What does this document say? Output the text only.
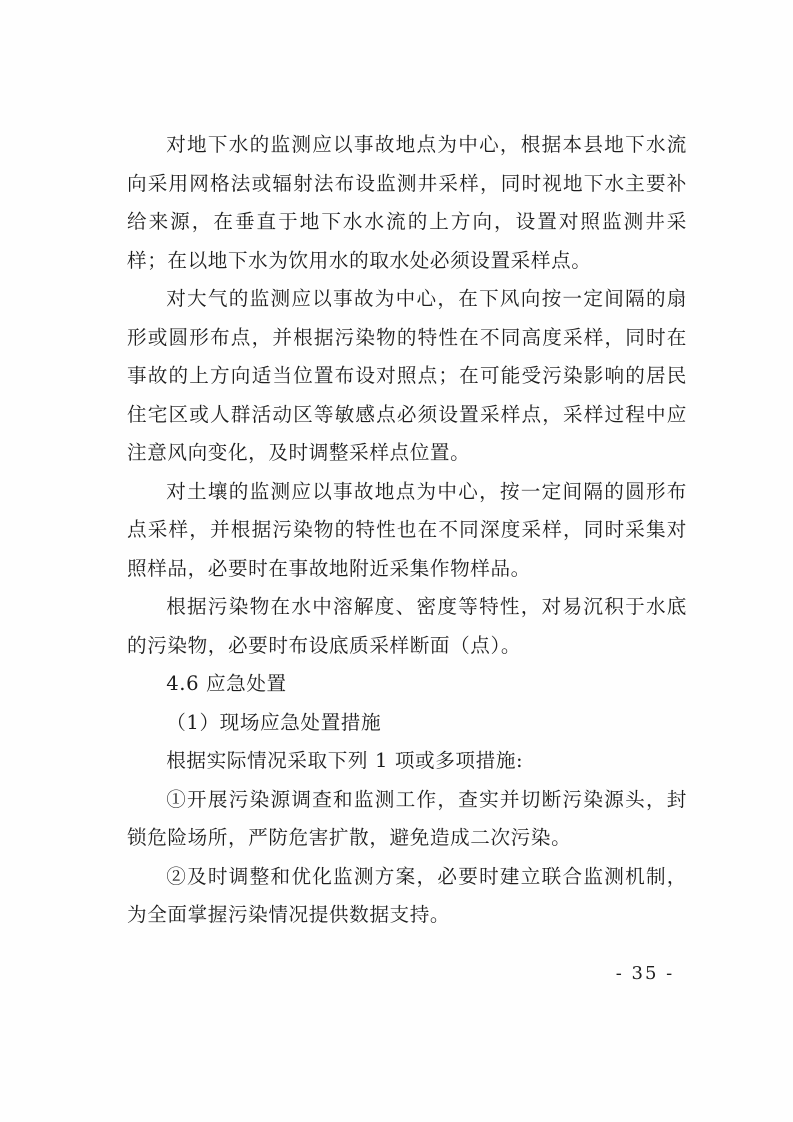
对地下水的监测应以事故地点为中心，根据本县地下水流向采用网格法或辐射法布设监测井采样，同时视地下水主要补给来源，在垂直于地下水水流的上方向，设置对照监测井采样；在以地下水为饮用水的取水处必须设置采样点。

对大气的监测应以事故为中心，在下风向按一定间隔的扇形或圆形布点，并根据污染物的特性在不同高度采样，同时在事故的上方向适当位置布设对照点；在可能受污染影响的居民住宅区或人群活动区等敏感点必须设置采样点，采样过程中应注意风向变化，及时调整采样点位置。

对土壤的监测应以事故地点为中心，按一定间隔的圆形布点采样，并根据污染物的特性也在不同深度采样，同时采集对照样品，必要时在事故地附近采集作物样品。

根据污染物在水中溶解度、密度等特性，对易沉积于水底的污染物，必要时布设底质采样断面（点）。

4.6 应急处置

（1）现场应急处置措施

根据实际情况采取下列 1 项或多项措施:

①开展污染源调查和监测工作，查实并切断污染源头，封锁危险场所，严防危害扩散，避免造成二次污染。

②及时调整和优化监测方案，必要时建立联合监测机制，为全面掌握污染情况提供数据支持。

- 35 -
